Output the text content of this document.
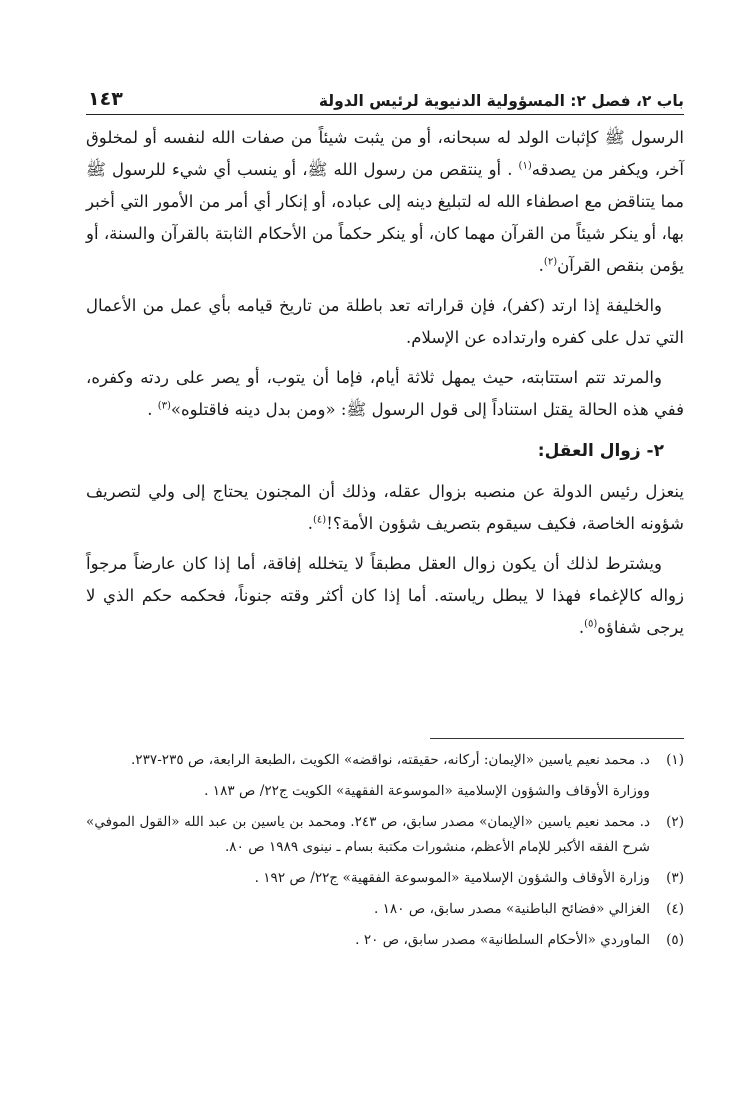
باب ٢، فصل ٢: المسؤولية الدنيوية لرئيس الدولة
١٤٣

الرسول ﷺ كإثبات الولد له سبحانه، أو من يثبت شيئاً من صفات الله لنفسه أو لمخلوق آخر، ويكفر من يصدقه$^{(١)}$ . أو ينتقص من رسول الله ﷺ، أو ينسب أي شيء للرسول ﷺ مما يتناقض مع اصطفاء الله له لتبليغ دينه إلى عباده، أو إنكار أي أمر من الأمور التي أخبر بها، أو ينكر شيئاً من القرآن مهما كان، أو ينكر حكماً من الأحكام الثابتة بالقرآن والسنة، أو يؤمن بنقص القرآن$^{(٢)}$.

والخليفة إذا ارتد (كفر)، فإن قراراته تعد باطلة من تاريخ قيامه بأي عمل من الأعمال التي تدل على كفره وارتداده عن الإسلام.

والمرتد تتم استتابته، حيث يمهل ثلاثة أيام، فإما أن يتوب، أو يصر على ردته وكفره، ففي هذه الحالة يقتل استناداً إلى قول الرسول ﷺ: «ومن بدل دينه فاقتلوه»$^{(٣)}$ .

٢- زوال العقل:

ينعزل رئيس الدولة عن منصبه بزوال عقله، وذلك أن المجنون يحتاج إلى ولي لتصريف شؤونه الخاصة، فكيف سيقوم بتصريف شؤون الأمة؟!$^{(٤)}$.

ويشترط لذلك أن يكون زوال العقل مطبقاً لا يتخلله إفاقة، أما إذا كان عارضاً مرجواً زواله كالإغماء فهذا لا يبطل رياسته. أما إذا كان أكثر وقته جنوناً، فحكمه حكم الذي لا يرجى شفاؤه$^{(٥)}$.

(١)
د. محمد نعيم ياسين «الإيمان: أركانه، حقيقته، نواقضه» الكويت ،الطبعة الرابعة، ص ٢٣٥-٢٣٧.
ووزارة الأوقاف والشؤون الإسلامية «الموسوعة الفقهية» الكويت ج٢٢/ ص ١٨٣ .
(٢)
د. محمد نعيم ياسين «الإيمان» مصدر سابق، ص ٢٤٣. ومحمد بن ياسين بن عبد الله «القول الموفي» شرح الفقه الأكبر للإمام الأعظم، منشورات مكتبة بسام ـ نينوى ١٩٨٩ ص ٨٠.
(٣)
وزارة الأوقاف والشؤون الإسلامية «الموسوعة الفقهية» ج٢٢/ ص ١٩٢ .
(٤)
الغزالي «فضائح الباطنية» مصدر سابق، ص ١٨٠ .
(٥)
الماوردي «الأحكام السلطانية» مصدر سابق، ص ٢٠ .
